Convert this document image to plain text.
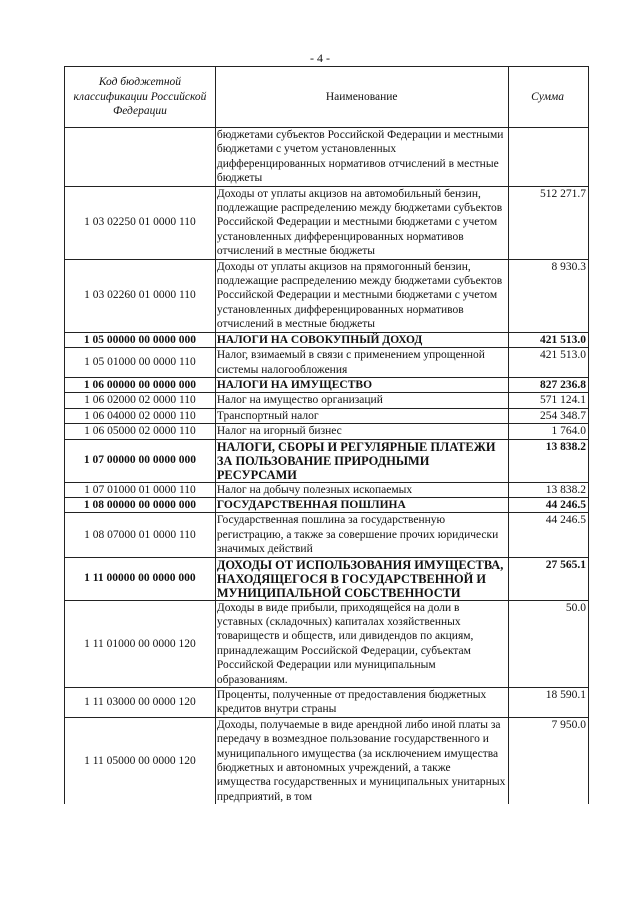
- 4 -
Код бюджетной классификации Российской Федерации	Наименование	Сумма
	бюджетами субъектов Российской Федерации и местными бюджетами с учетом установленных дифференцированных нормативов отчислений в местные бюджеты	
1 03 02250 01 0000 110	Доходы от уплаты акцизов на автомобильный бензин, подлежащие распределению между бюджетами субъектов Российской Федерации и местными бюджетами с учетом установленных дифференцированных нормативов отчислений в местные бюджеты	512 271.7
1 03 02260 01 0000 110	Доходы от уплаты акцизов на прямогонный бензин, подлежащие распределению между бюджетами субъектов Российской Федерации и местными бюджетами с учетом установленных дифференцированных нормативов отчислений в местные бюджеты	8 930.3
1 05 00000 00 0000 000	НАЛОГИ НА СОВОКУПНЫЙ ДОХОД	421 513.0
1 05 01000 00 0000 110	Налог, взимаемый в связи с применением упрощенной системы налогообложения	421 513.0
1 06 00000 00 0000 000	НАЛОГИ НА ИМУЩЕСТВО	827 236.8
1 06 02000 02 0000 110	Налог на имущество организаций	571 124.1
1 06 04000 02 0000 110	Транспортный налог	254 348.7
1 06 05000 02 0000 110	Налог на игорный бизнес	1 764.0
1 07 00000 00 0000 000	НАЛОГИ, СБОРЫ И РЕГУЛЯРНЫЕ ПЛАТЕЖИ ЗА ПОЛЬЗОВАНИЕ ПРИРОДНЫМИ РЕСУРСАМИ	13 838.2
1 07 01000 01 0000 110	Налог на добычу полезных ископаемых	13 838.2
1 08 00000 00 0000 000	ГОСУДАРСТВЕННАЯ ПОШЛИНА	44 246.5
1 08 07000 01 0000 110	Государственная пошлина за государственную регистрацию, а также за совершение прочих юридически значимых действий	44 246.5
1 11 00000 00 0000 000	ДОХОДЫ ОТ ИСПОЛЬЗОВАНИЯ ИМУЩЕСТВА, НАХОДЯЩЕГОСЯ В ГОСУДАРСТВЕННОЙ И МУНИЦИПАЛЬНОЙ СОБСТВЕННОСТИ	27 565.1
1 11 01000 00 0000 120	Доходы в виде прибыли, приходящейся на доли в уставных (складочных) капиталах хозяйственных товариществ и обществ, или дивидендов по акциям, принадлежащим Российской Федерации, субъектам Российской Федерации или муниципальным образованиям.	50.0
1 11 03000 00 0000 120	Проценты, полученные от предоставления бюджетных кредитов внутри страны	18 590.1
1 11 05000 00 0000 120	Доходы, получаемые в виде арендной либо иной платы за передачу в возмездное пользование государственного и муниципального имущества (за исключением имущества бюджетных и автономных учреждений, а также имущества государственных и муниципальных унитарных предприятий, в том	7 950.0
